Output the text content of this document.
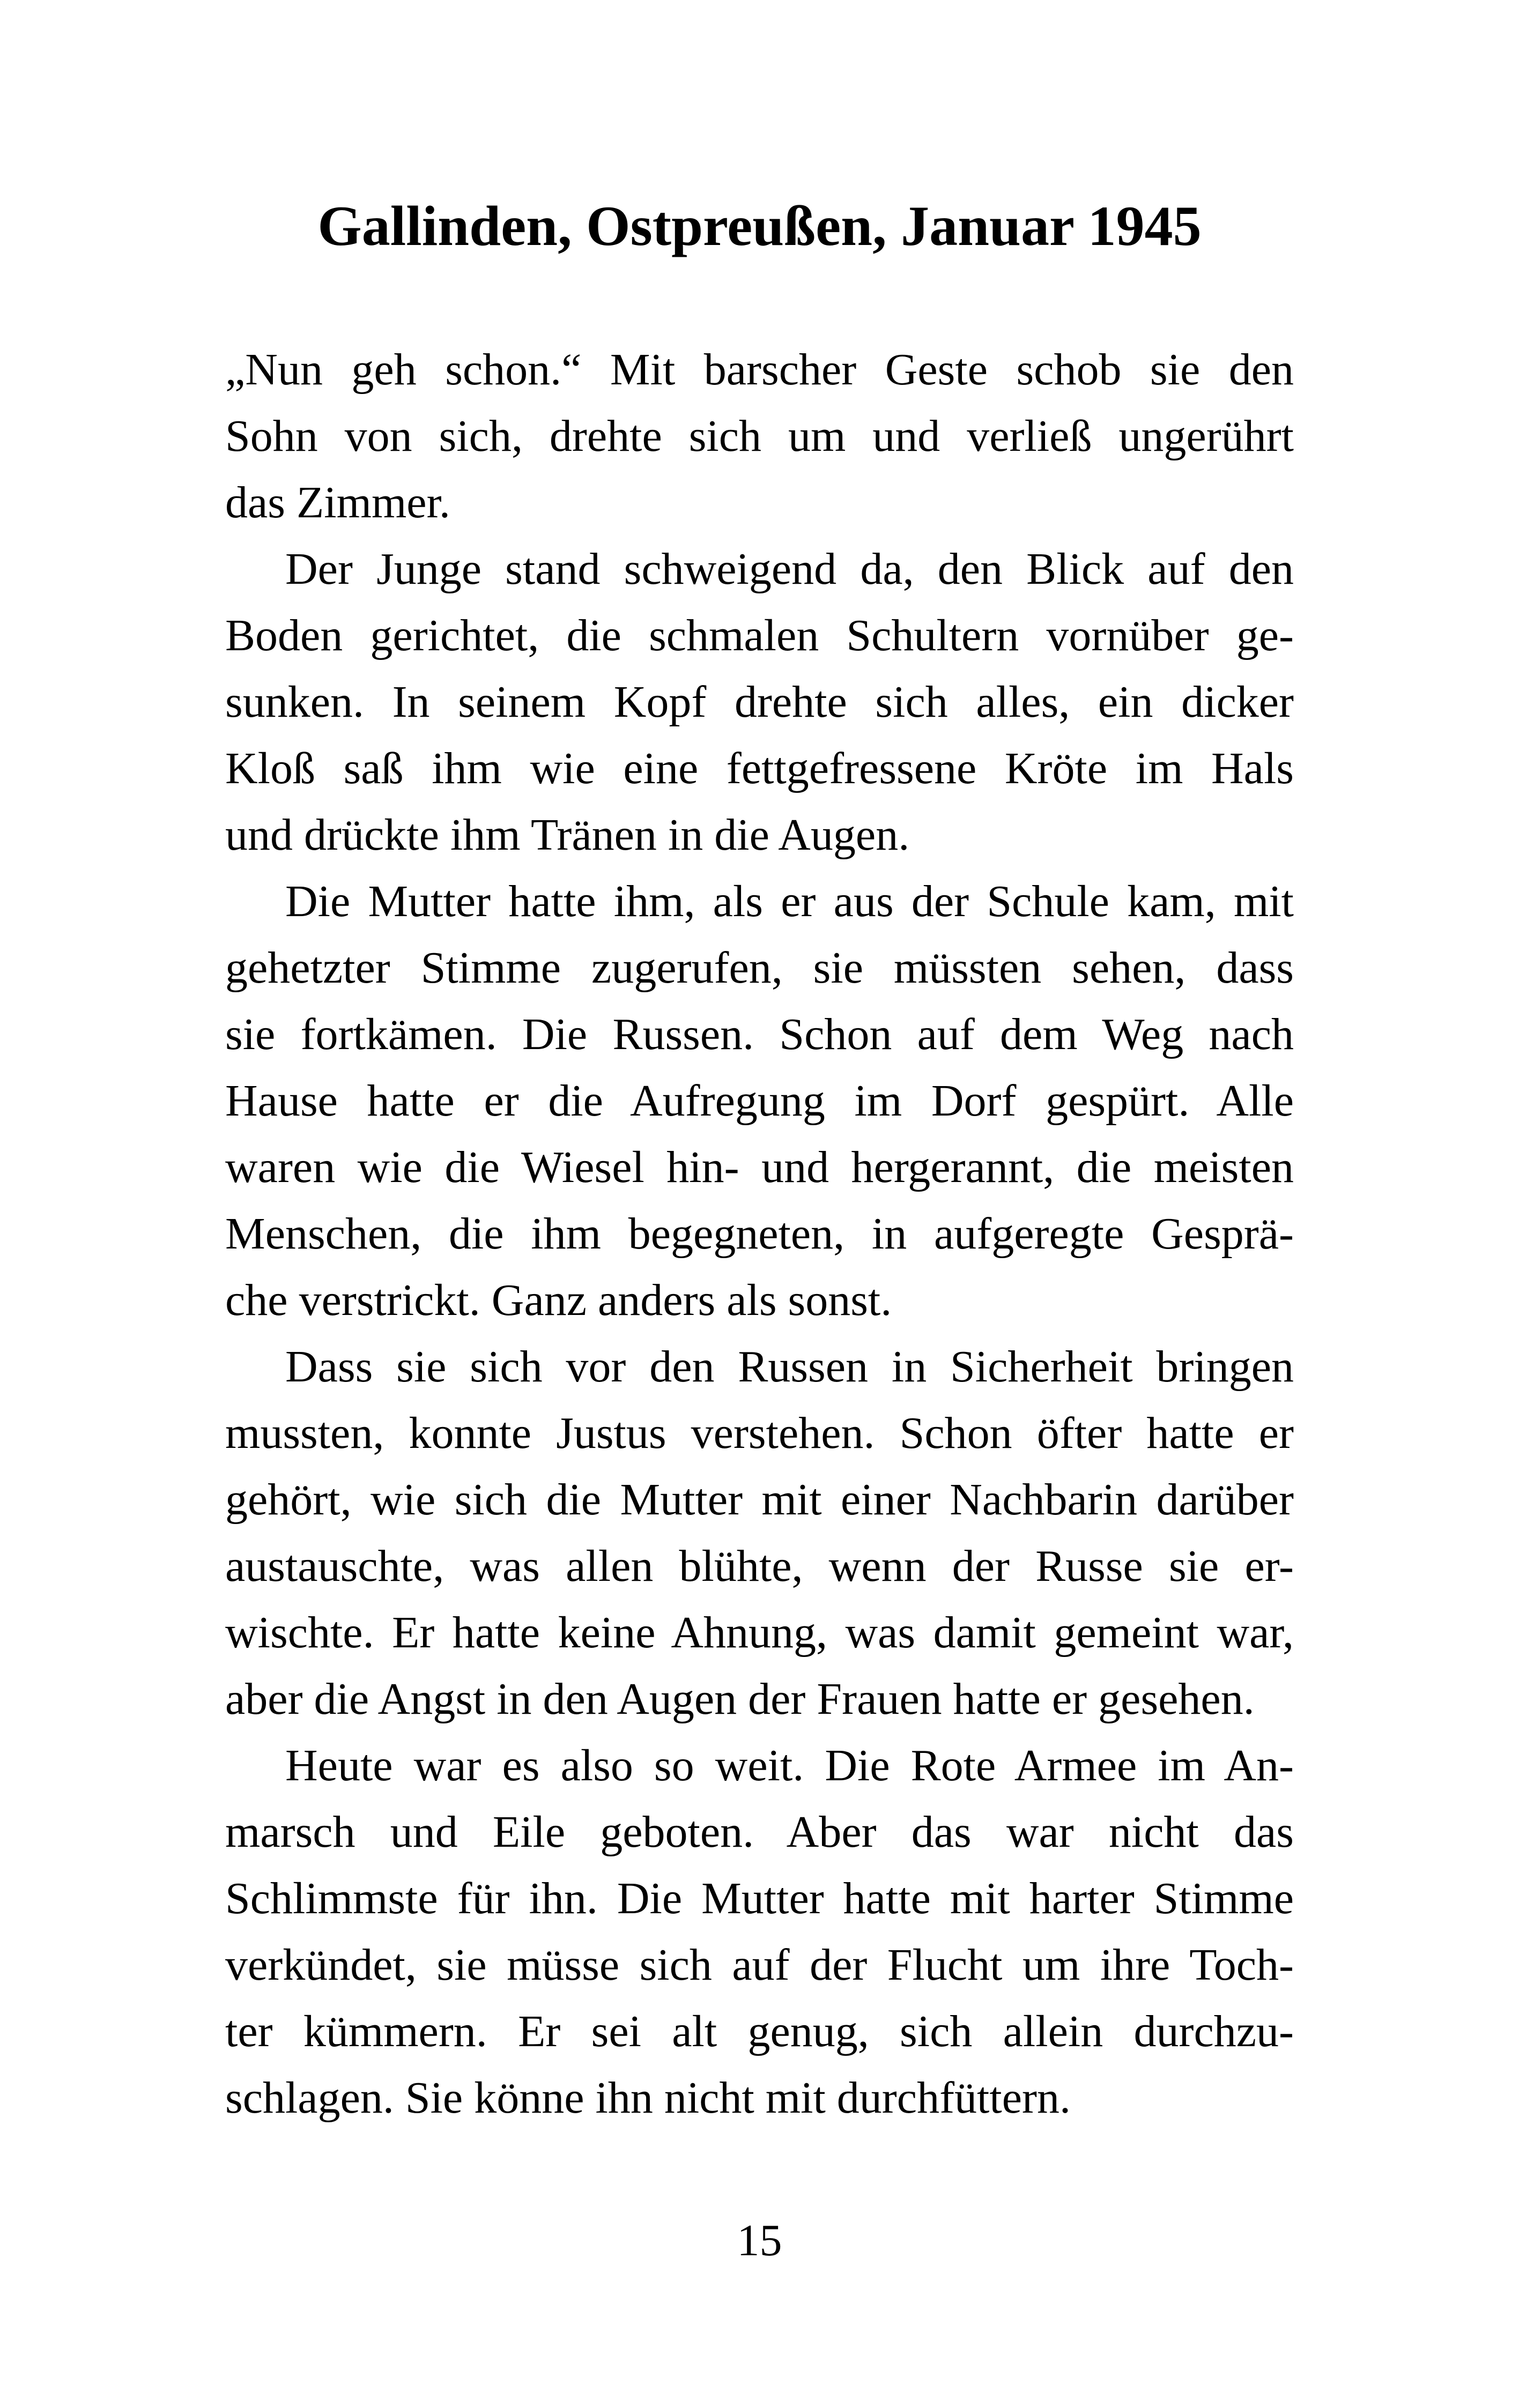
Gallinden, Ostpreußen, Januar 1945
„Nun geh schon.“ Mit barscher Geste schob sie den
Sohn von sich, drehte sich um und verließ ungerührt
das Zimmer.
Der Junge stand schweigend da, den Blick auf den
Boden gerichtet, die schmalen Schultern vornüber ge-
sunken. In seinem Kopf drehte sich alles, ein dicker
Kloß saß ihm wie eine fettgefressene Kröte im Hals
und drückte ihm Tränen in die Augen.
Die Mutter hatte ihm, als er aus der Schule kam, mit
gehetzter Stimme zugerufen, sie müssten sehen, dass
sie fortkämen. Die Russen. Schon auf dem Weg nach
Hause hatte er die Aufregung im Dorf gespürt. Alle
waren wie die Wiesel hin- und hergerannt, die meisten
Menschen, die ihm begegneten, in aufgeregte Gesprä-
che verstrickt. Ganz anders als sonst.
Dass sie sich vor den Russen in Sicherheit bringen
mussten, konnte Justus verstehen. Schon öfter hatte er
gehört, wie sich die Mutter mit einer Nachbarin darüber
austauschte, was allen blühte, wenn der Russe sie er-
wischte. Er hatte keine Ahnung, was damit gemeint war,
aber die Angst in den Augen der Frauen hatte er gesehen.
Heute war es also so weit. Die Rote Armee im An-
marsch und Eile geboten. Aber das war nicht das
Schlimmste für ihn. Die Mutter hatte mit harter Stimme
verkündet, sie müsse sich auf der Flucht um ihre Toch-
ter kümmern. Er sei alt genug, sich allein durchzu-
schlagen. Sie könne ihn nicht mit durchfüttern.
15
